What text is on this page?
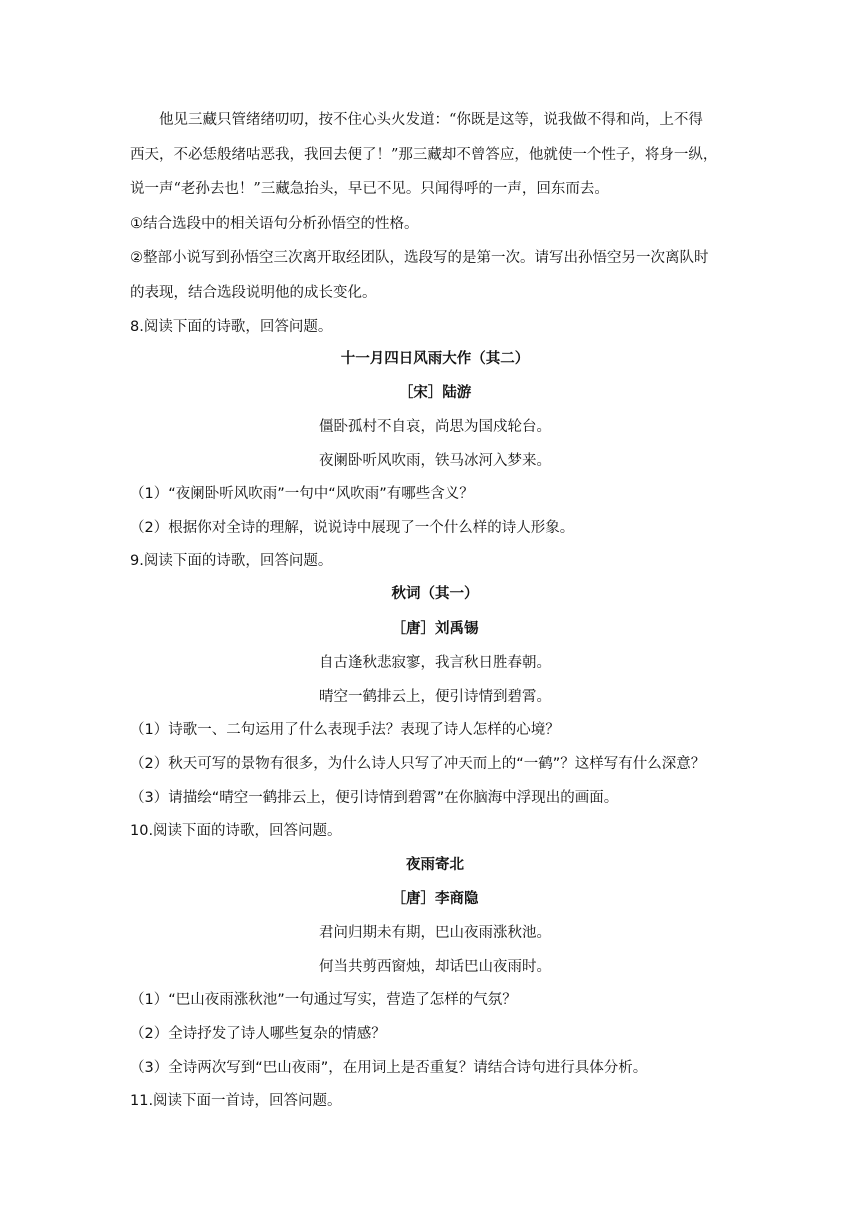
他见三藏只管绪绪叨叨，按不住心头火发道：“你既是这等，说我做不得和尚，上不得
西天，不必恁般绪咕恶我，我回去便了！”那三藏却不曾答应，他就使一个性子，将身一纵，
说一声“老孙去也！”三藏急抬头，早已不见。只闻得呼的一声，回东而去。
①结合选段中的相关语句分析孙悟空的性格。
②整部小说写到孙悟空三次离开取经团队，选段写的是第一次。请写出孙悟空另一次离队时
的表现，结合选段说明他的成长变化。
8.阅读下面的诗歌，回答问题。
十一月四日风雨大作（其二）
［宋］陆游
僵卧孤村不自哀，尚思为国戍轮台。
夜阑卧听风吹雨，铁马冰河入梦来。
（1）“夜阑卧听风吹雨”一句中“风吹雨”有哪些含义？
（2）根据你对全诗的理解，说说诗中展现了一个什么样的诗人形象。
9.阅读下面的诗歌，回答问题。
秋词（其一）
［唐］刘禹锡
自古逢秋悲寂寥，我言秋日胜春朝。
晴空一鹤排云上，便引诗情到碧霄。
（1）诗歌一、二句运用了什么表现手法？表现了诗人怎样的心境？
（2）秋天可写的景物有很多，为什么诗人只写了冲天而上的“一鹤”？这样写有什么深意？
（3）请描绘“晴空一鹤排云上，便引诗情到碧霄”在你脑海中浮现出的画面。
10.阅读下面的诗歌，回答问题。
夜雨寄北
［唐］李商隐
君问归期未有期，巴山夜雨涨秋池。
何当共剪西窗烛，却话巴山夜雨时。
（1）“巴山夜雨涨秋池”一句通过写实，营造了怎样的气氛？
（2）全诗抒发了诗人哪些复杂的情感？
（3）全诗两次写到“巴山夜雨”，在用词上是否重复？请结合诗句进行具体分析。
11.阅读下面一首诗，回答问题。
